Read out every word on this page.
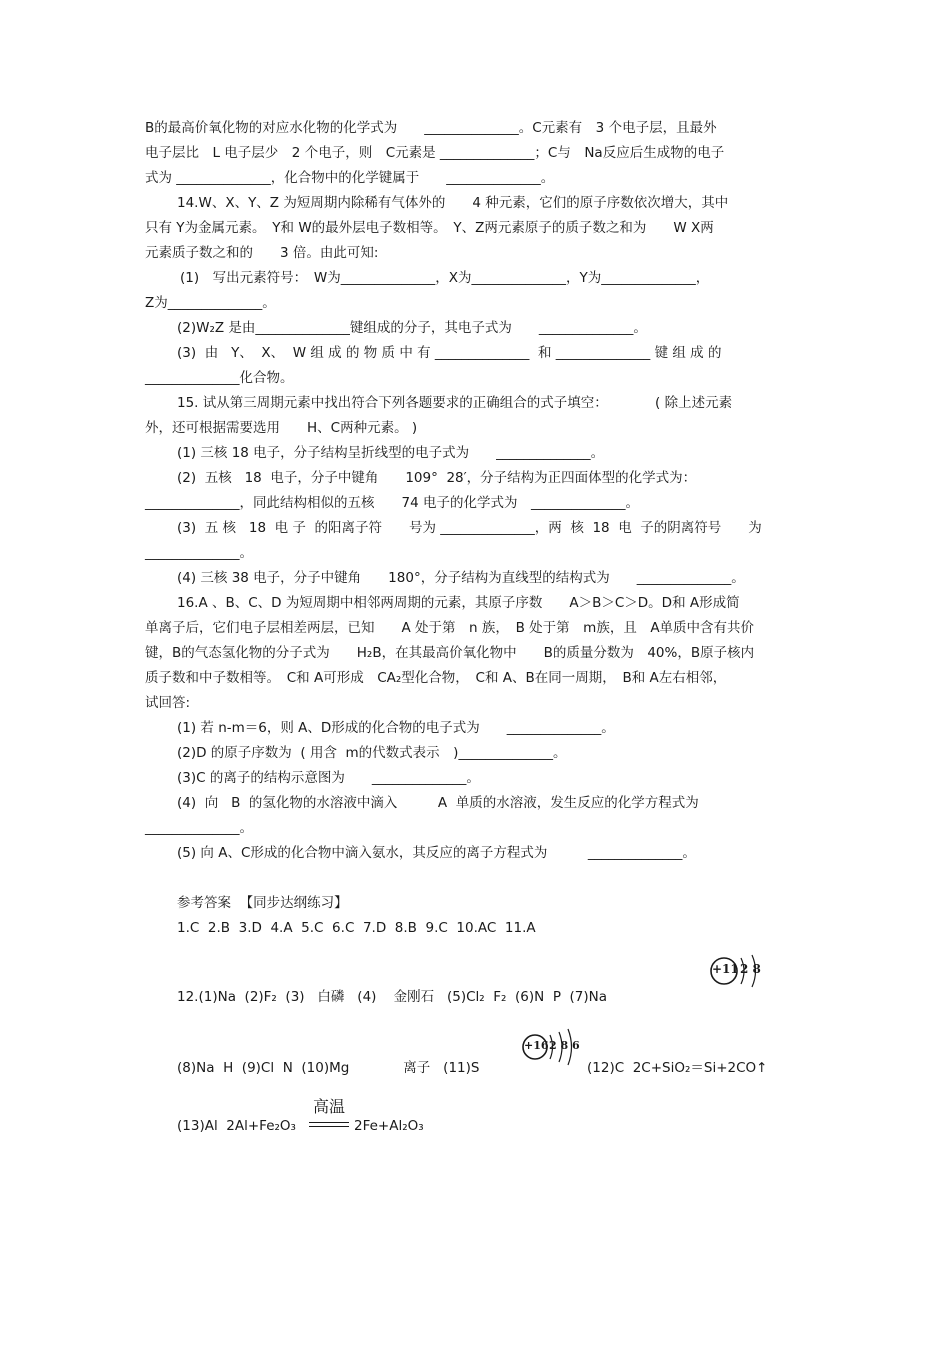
B的最高价氧化物的对应水化物的化学式为　　______________。C元素有　3 个电子层，且最外
电子层比　L 电子层少　2 个电子，则　C元素是 ______________；C与　Na反应后生成物的电子
式为 ______________，化合物中的化学键属于　　______________。
14.W、X、Y、Z 为短周期内除稀有气体外的　　4 种元素，它们的原子序数依次增大，其中
只有 Y为金属元素。　Y和 W的最外层电子数相等。　Y、Z两元素原子的质子数之和为　　W X两
元素质子数之和的　　3 倍。由此可知:
(1)　写出元素符号：　W为______________，X为______________，Y为______________，
Z为______________。
(2)W₂Z 是由______________键组成的分子，其电子式为　　______________。
(3)  由   Y、  X、  W 组 成 的 物 质 中 有 ______________  和 ______________ 键 组 成 的
______________化合物。
15. 试从第三周期元素中找出符合下列各题要求的正确组合的式子填空：　　　　( 除上述元素
外，还可根据需要选用　　H、C两种元素。 )
(1) 三核 18 电子，分子结构呈折线型的电子式为　　______________。
(2)  五核   18  电子，分子中键角　　109°  28′，分子结构为正四面体型的化学式为：
______________，同此结构相似的五核　　74 电子的化学式为　______________。
(3)  五 核   18  电 子  的阳离子符　　号为 ______________，两  核  18  电  子的阴离符号　　为
______________。
(4) 三核 38 电子，分子中键角　　180°，分子结构为直线型的结构式为　　______________。
16.A 、B、C、D 为短周期中相邻两周期的元素，其原子序数　　A＞B＞C＞D。D和 A形成简
单离子后，它们电子层相差两层，已知　　A 处于第　n 族，　B 处于第　m族，且　A单质中含有共价
键，B的气态氢化物的分子式为　　H₂B，在其最高价氧化物中　　B的质量分数为　40%，B原子核内
质子数和中子数相等。　C和 A可形成　CA₂型化合物，　C和 A、B在同一周期，　B和 A左右相邻，
试回答:
(1) 若 n-m＝6，则 A、D形成的化合物的电子式为　　______________。
(2)D 的原子序数为  ( 用含  m的代数式表示　)______________。
(3)C 的离子的结构示意图为　　______________。
(4)  向   B  的氢化物的水溶液中滴入　　　A  单质的水溶液，发生反应的化学方程式为
______________。
(5) 向 A、C形成的化合物中滴入氨水，其反应的离子方程式为　　　______________。
参考答案  【同步达纲练习】
1.C  2.B  3.D  4.A  5.C  6.C  7.D  8.B  9.C  10.AC  11.A
+11 2 8
12.(1)Na  (2)F₂  (3)   白磷   (4)    金刚石   (5)Cl₂  F₂  (6)N  P  (7)Na
+16 2 8 6
(8)Na  H  (9)Cl  N  (10)Mg　　　　离子   (11)S	(12)C  2C+SiO₂＝Si+2CO↑
(13)Al  2Al+Fe₂O₃
高温
2Fe+Al₂O₃
